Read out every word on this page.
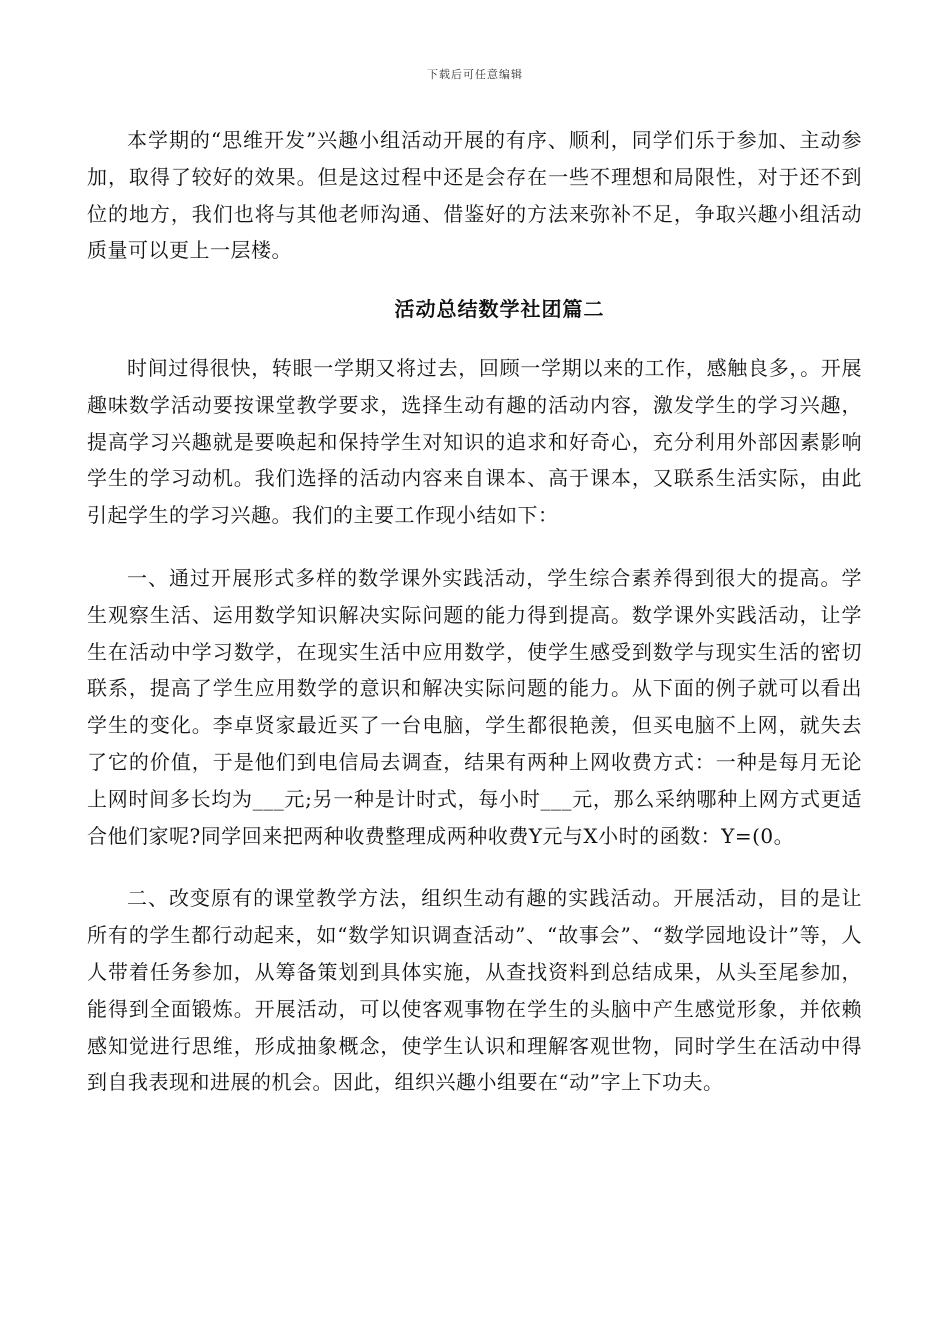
下载后可任意编辑

本学期的“思维开发”兴趣小组活动开展的有序、顺利，同学们乐于参加、主动参加，取得了较好的效果。但是这过程中还是会存在一些不理想和局限性，对于还不到位的地方，我们也将与其他老师沟通、借鉴好的方法来弥补不足，争取兴趣小组活动质量可以更上一层楼。

活动总结数学社团篇二

时间过得很快，转眼一学期又将过去，回顾一学期以来的工作，感触良多，。开展趣味数学活动要按课堂教学要求，选择生动有趣的活动内容，激发学生的学习兴趣，提高学习兴趣就是要唤起和保持学生对知识的追求和好奇心，充分利用外部因素影响学生的学习动机。我们选择的活动内容来自课本、高于课本，又联系生活实际，由此引起学生的学习兴趣。我们的主要工作现小结如下：

一、通过开展形式多样的数学课外实践活动，学生综合素养得到很大的提高。学生观察生活、运用数学知识解决实际问题的能力得到提高。数学课外实践活动，让学生在活动中学习数学，在现实生活中应用数学，使学生感受到数学与现实生活的密切联系，提高了学生应用数学的意识和解决实际问题的能力。从下面的例子就可以看出学生的变化。李卓贤家最近买了一台电脑，学生都很艳羡，但买电脑不上网，就失去了它的价值，于是他们到电信局去调查，结果有两种上网收费方式：一种是每月无论上网时间多长均为___元;另一种是计时式，每小时___元，那么采纳哪种上网方式更适合他们家呢?同学回来把两种收费整理成两种收费Y元与X小时的函数：Y=(0。

二、改变原有的课堂教学方法，组织生动有趣的实践活动。开展活动，目的是让所有的学生都行动起来，如“数学知识调查活动”、“故事会”、“数学园地设计”等，人人带着任务参加，从筹备策划到具体实施，从查找资料到总结成果，从头至尾参加，能得到全面锻炼。开展活动，可以使客观事物在学生的头脑中产生感觉形象，并依赖感知觉进行思维，形成抽象概念，使学生认识和理解客观世物，同时学生在活动中得到自我表现和进展的机会。因此，组织兴趣小组要在“动”字上下功夫。
